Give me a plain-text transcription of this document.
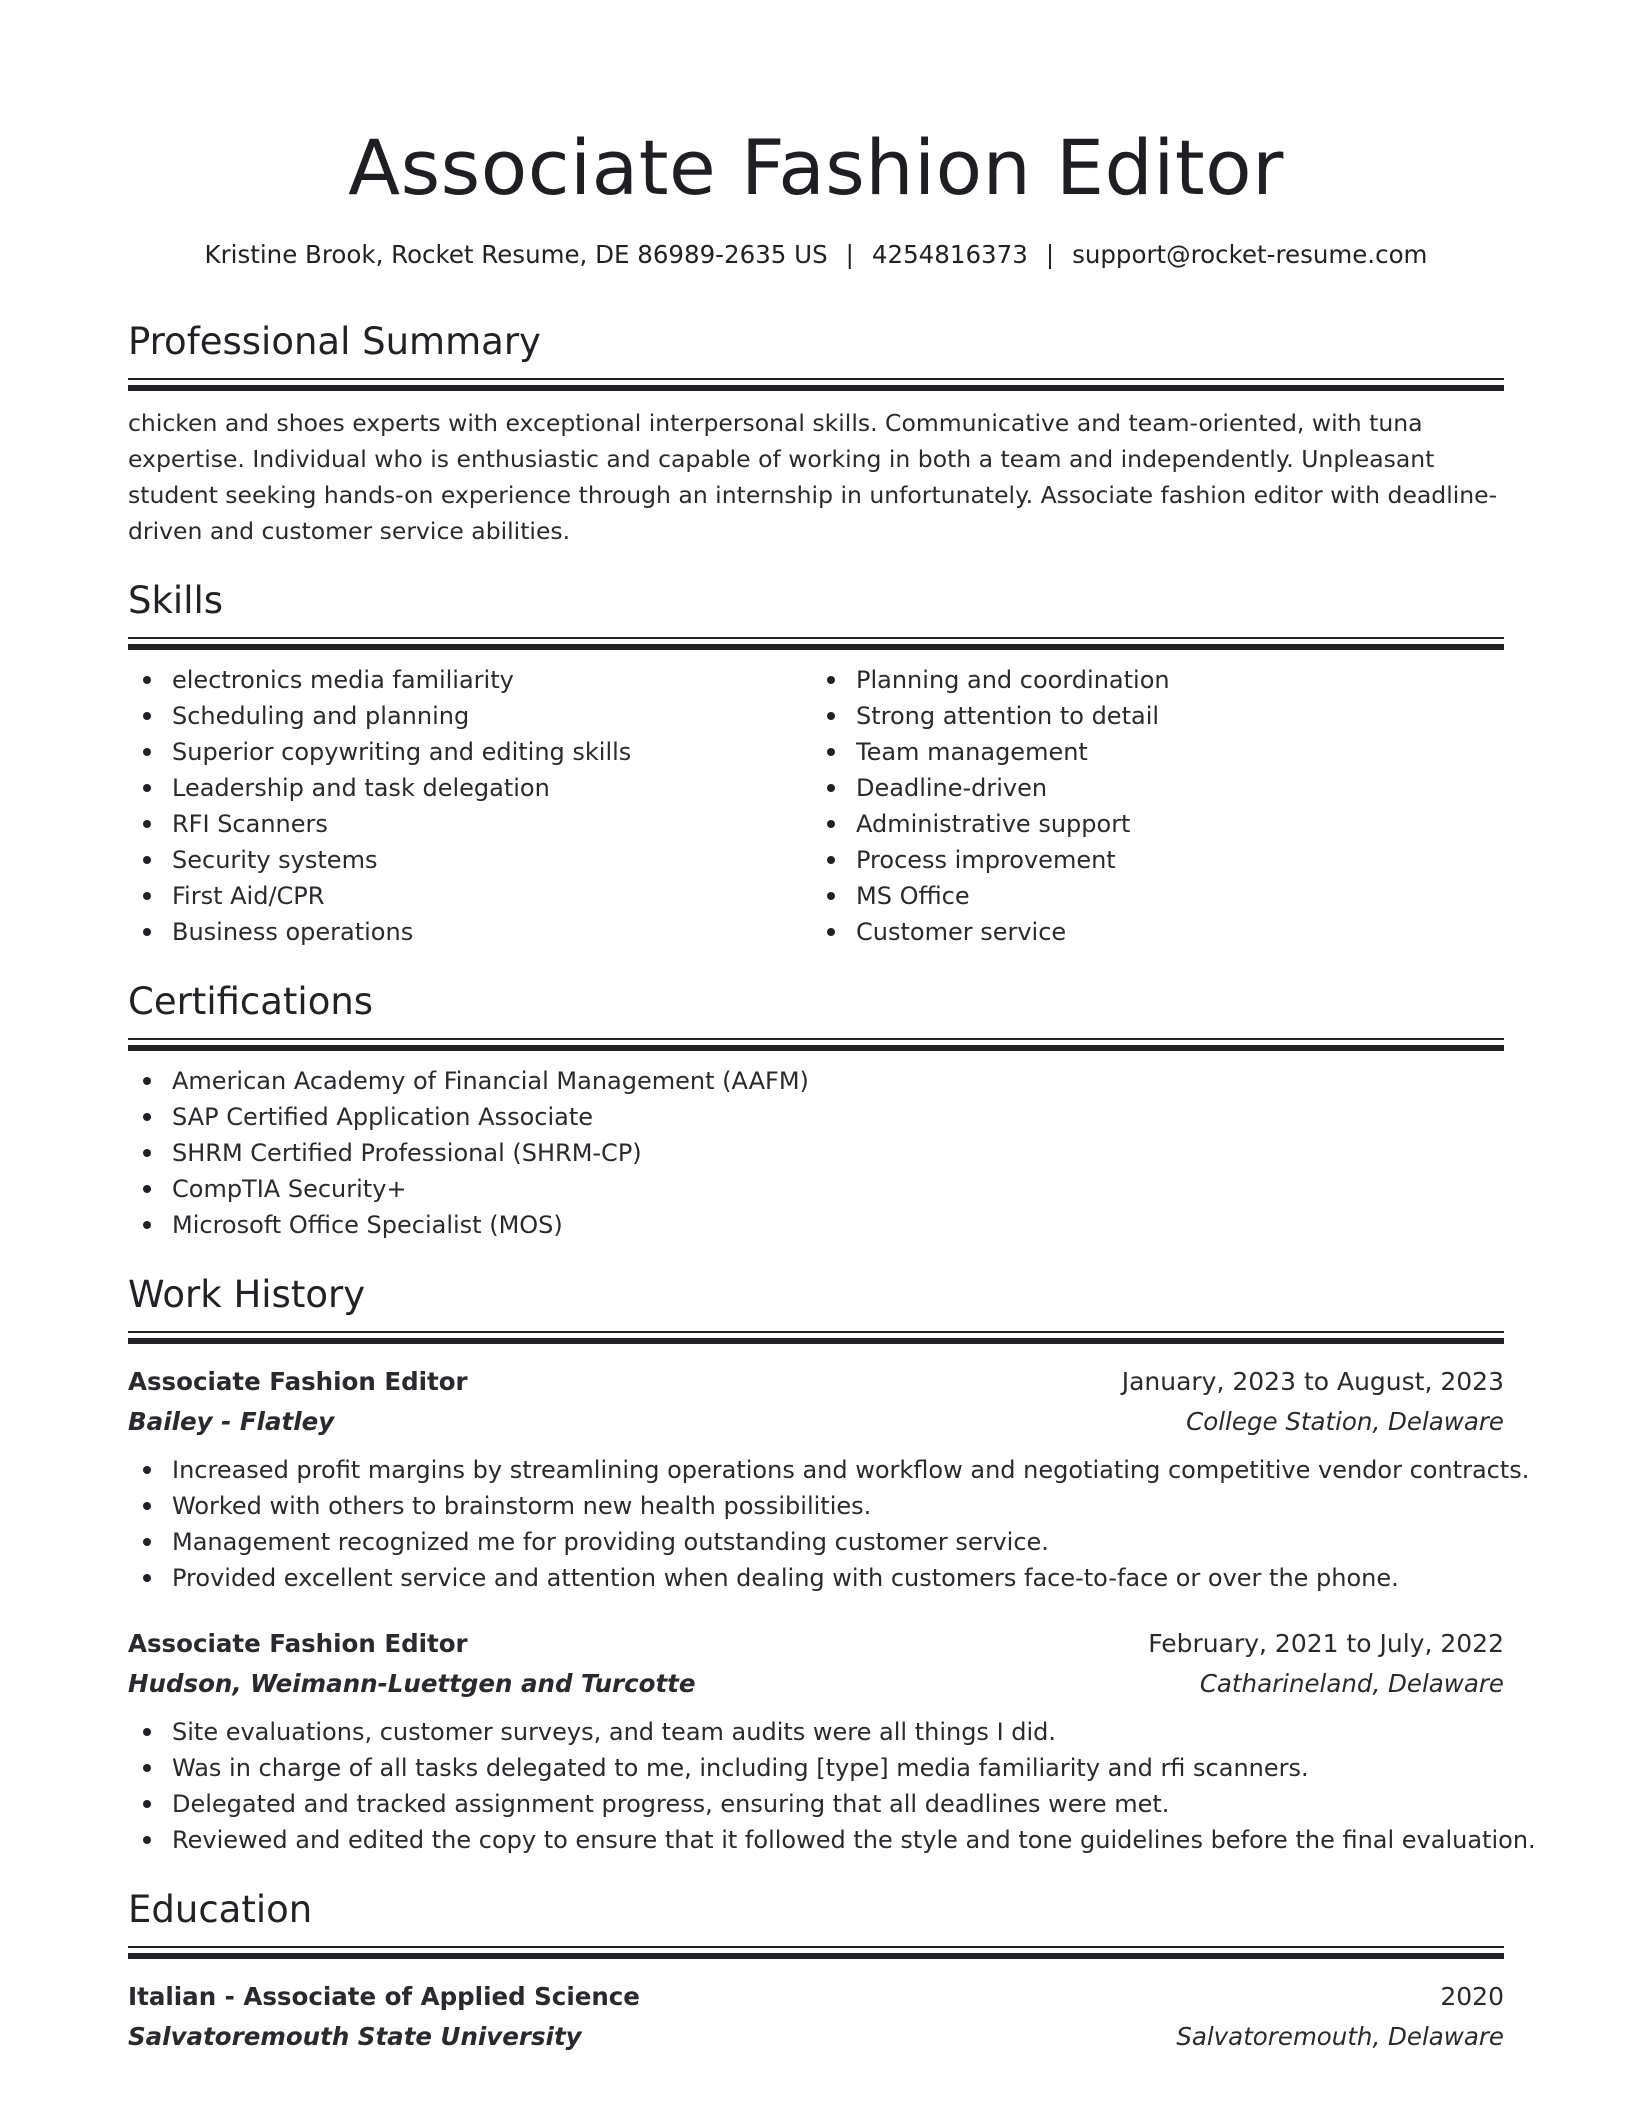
Associate Fashion Editor
Kristine Brook, Rocket Resume, DE 86989-2635 US | 4254816373 | support@rocket-resume.com
Professional Summary

chicken and shoes experts with exceptional interpersonal skills. Communicative and team-oriented, with tuna expertise. Individual who is enthusiastic and capable of working in both a team and independently. Unpleasant student seeking hands-on experience through an internship in unfortunately. Associate fashion editor with deadline-driven and customer service abilities.

Skills
electronics media familiarity
Scheduling and planning
Superior copywriting and editing skills
Leadership and task delegation
RFI Scanners
Security systems
First Aid/CPR
Business operations
Planning and coordination
Strong attention to detail
Team management
Deadline-driven
Administrative support
Process improvement
MS Office
Customer service
Certifications
American Academy of Financial Management (AAFM)
SAP Certified Application Associate
SHRM Certified Professional (SHRM-CP)
CompTIA Security+
Microsoft Office Specialist (MOS)
Work History
Associate Fashion Editor	January, 2023 to August, 2023
Bailey - Flatley	College Station, Delaware
Increased profit margins by streamlining operations and workflow and negotiating competitive vendor contracts.
Worked with others to brainstorm new health possibilities.
Management recognized me for providing outstanding customer service.
Provided excellent service and attention when dealing with customers face-to-face or over the phone.
Associate Fashion Editor	February, 2021 to July, 2022
Hudson, Weimann-Luettgen and Turcotte	Catharineland, Delaware
Site evaluations, customer surveys, and team audits were all things I did.
Was in charge of all tasks delegated to me, including [type] media familiarity and rfi scanners.
Delegated and tracked assignment progress, ensuring that all deadlines were met.
Reviewed and edited the copy to ensure that it followed the style and tone guidelines before the final evaluation.
Education
Italian - Associate of Applied Science	2020
Salvatoremouth State University	Salvatoremouth, Delaware
